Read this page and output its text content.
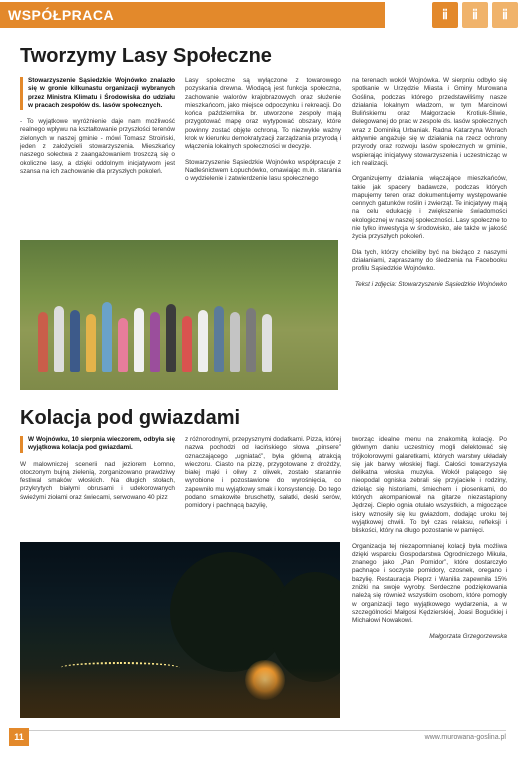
WSPÓŁPRACA	ⅱ	ⅱ	ⅱ
Tworzymy Lasy Społeczne
Stowarzyszenie Sąsiedzkie Wojnówko znalazło się w gronie kilkunastu organizacji wybranych przez Ministra Klimatu i Środowiska do udziału w pracach zespołów ds. lasów społecznych.

- To wyjątkowe wyróżnienie daje nam możliwość realnego wpływu na kształtowanie przyszłości terenów zielonych w naszej gminie - mówi Tomasz Stroiński, jeden z założycieli stowarzyszenia. Mieszkańcy naszego sołectwa z zaangażowaniem troszczą się o okoliczne lasy, a dzięki oddolnym inicjatywom jest szansa na ich zachowanie dla przyszłych pokoleń.

Lasy społeczne są wyłączone z towarowego pozyskania drewna. Wiodącą jest funkcja społeczna, zachowanie walorów krajobrazowych oraz służenie mieszkańcom, jako miejsce odpoczynku i rekreacji. Do końca października br. utworzone zespoły mają przygotować mapę oraz wytypować obszary, które powinny zostać objęte ochroną. To niezwykle ważny krok w kierunku demokratyzacji zarządzania przyrodą i włączenia lokalnych społeczności w decyzje.

Stowarzyszenie Sąsiedzkie Wojnówko współpracuje z Nadleśnictwem Łopuchówko, omawiając m.in. starania o wydzielenie i zatwierdzenie lasu społecznego

na terenach wokół Wojnówka. W sierpniu odbyło się spotkanie w Urzędzie Miasta i Gminy Murowana Goślina, podczas którego przedstawiliśmy nasze działania lokalnym władzom, w tym Marcinowi Bulińskiemu oraz Małgorzacie Krotiuk-Śliwie, delegowanej do prac w zespole ds. lasów społecznych wraz z Dominiką Urbaniak. Radna Katarzyna Worach aktywnie angażuje się w działania na rzecz ochrony przyrody oraz rozwoju lasów społecznych w gminie, wspierając inicjatywy stowarzyszenia i uczestnicząc w ich realizacji.

Organizujemy działania włączające mieszkańców, takie jak spacery badawcze, podczas których mapujemy teren oraz dokumentujemy występowanie cennych gatunków roślin i zwierząt. Te inicjatywy mają na celu edukację i zwiększenie świadomości ekologicznej w naszej społeczności. Lasy społeczne to nie tylko inwestycja w środowisko, ale także w jakość życia przyszłych pokoleń.

Dla tych, którzy chcieliby być na bieżąco z naszymi działaniami, zapraszamy do śledzenia na Facebooku profilu Sąsiedzkie Wojnówko.

Tekst i zdjęcia: Stowarzyszenie Sąsiedzkie Wojnówko
Kolacja pod gwiazdami
W Wojnówku, 10 sierpnia wieczorem, odbyła się wyjątkowa kolacja pod gwiazdami.

W malowniczej scenerii nad jeziorem Łomno, otoczonym bujną zielenią, zorganizowano prawdziwy festiwal smaków włoskich. Na długich stołach, przykrytych białymi obrusami i udekorowanych świeżymi ziołami oraz świecami, serwowano 40 pizz

z różnorodnymi, przepysznymi dodatkami. Pizza, której nazwa pochodzi od łacińskiego słowa „pinsere” oznaczającego „ugniatać”, była główną atrakcją wieczoru. Ciasto na pizzę, przygotowane z drożdży, białej mąki i oliwy z oliwek, zostało starannie wyrobione i pozostawione do wyrośnięcia, co zapewniło mu wyjątkowy smak i konsystencję. Do tego podano smakowite bruschetty, sałatki, deski serów, pomidory i pachnącą bazylię,

tworząc idealne menu na znakomitą kolację. Po głównym daniu uczestnicy mogli delektować się trójkolorowymi galaretkami, których warstwy układały się jak barwy włoskiej flagi. Całości towarzyszyła delikatna włoska muzyka. Wokół palącego się nieopodal ogniska zebrali się przyjaciele i rodziny, dzieląc się historiami, śmiechem i piosenkami, do których akompaniował na gitarze niezastąpiony Jędrzej. Ciepło ognia otulało wszystkich, a migoczące iskry wznosiły się ku gwiazdom, dodając uroku tej wyjątkowej chwili. To był czas relaksu, refleksji i bliskości, który na długo pozostanie w pamięci.

Organizacja tej niezapomnianej kolacji była możliwa dzięki wsparciu Gospodarstwa Ogrodniczego Mikuła, znanego jako „Pan Pomidor”, które dostarczyło pachnące i soczyste pomidory, czosnek, oregano i bazylię. Restauracja Pieprz i Wanilia zapewniła 15% zniżki na swoje wyroby. Serdeczne podziękowania należą się również wszystkim osobom, które pomogły w organizacji tego wyjątkowego wydarzenia, a w szczególności Małgosi Kędzierskiej, Joasi Bogućkiej i Michałowi Nowakowi.

Małgorzata Grzegorzewska
11	www.murowana-goslina.pl
